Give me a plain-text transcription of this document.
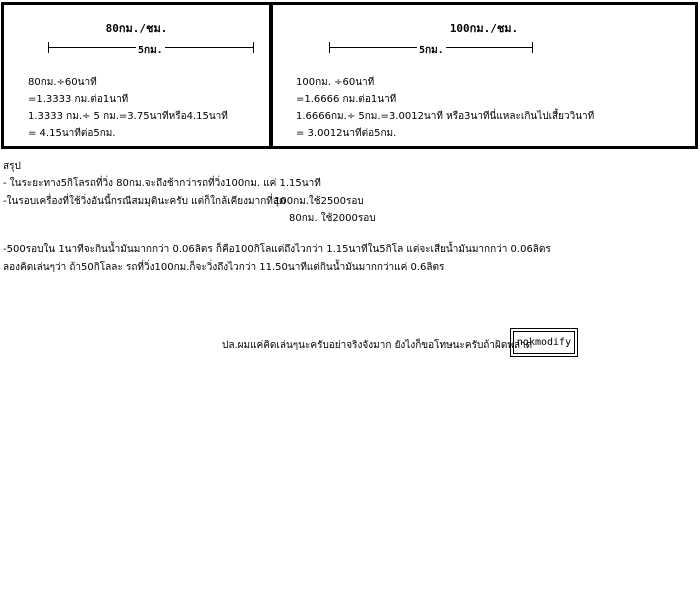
80กม./ชม.
5กม.
80กม.÷60นาที
=1.3333 กม.ต่อ1นาที
1.3333 กม.÷ 5 กม.=3.75นาทีหรือ4.15นาที
= 4.15นาทีต่อ5กม.
100กม./ชม.
5กม.
100กม. ÷60นาที
=1.6666 กม.ต่อ1นาที
1.6666กม.÷ 5กม.=3.0012นาที หรือ3นาทีนี่แหละเกินไปเสี้ยววินาที
= 3.0012นาทีต่อ5กม.
สรุป
- ในระยะทาง5กิโลรถที่วิ่ง 80กม.จะถึงช้ากว่ารถที่วิ่ง100กม. แค่ 1.15นาที
-ในรอบเครื่องที่ใช้วิ่งอันนี้กรณีสมมุตินะครับ แต่ก็ใกล้เคียงมากที่สุด
100กม.ใช้2500รอบ
80กม. ใช้2000รอบ
-500รอบใน 1นาทีจะกินน้ำมันมากกว่า 0.06ลิตร ก็คือ100กิโลแต่ถึงไวกว่า 1.15นาทีใน5กิโล แต่จะเสียน้ำมันมากกว่า 0.06ลิตร
ลองคิดเล่นๆว่า ถ้า50กิโลละ รถที่วิ่ง100กม.ก็จะวิ่งถึงไวกว่า 11.50นาทีแต่กินน้ำมันมากกว่าแค่ 0.6ลิตร
ปล.ผมแค่คิดเล่นๆนะครับอย่าจริงจังมาก ยังไงก็ขอโทษนะครับถ้าผิดพลาด
nokmodify
